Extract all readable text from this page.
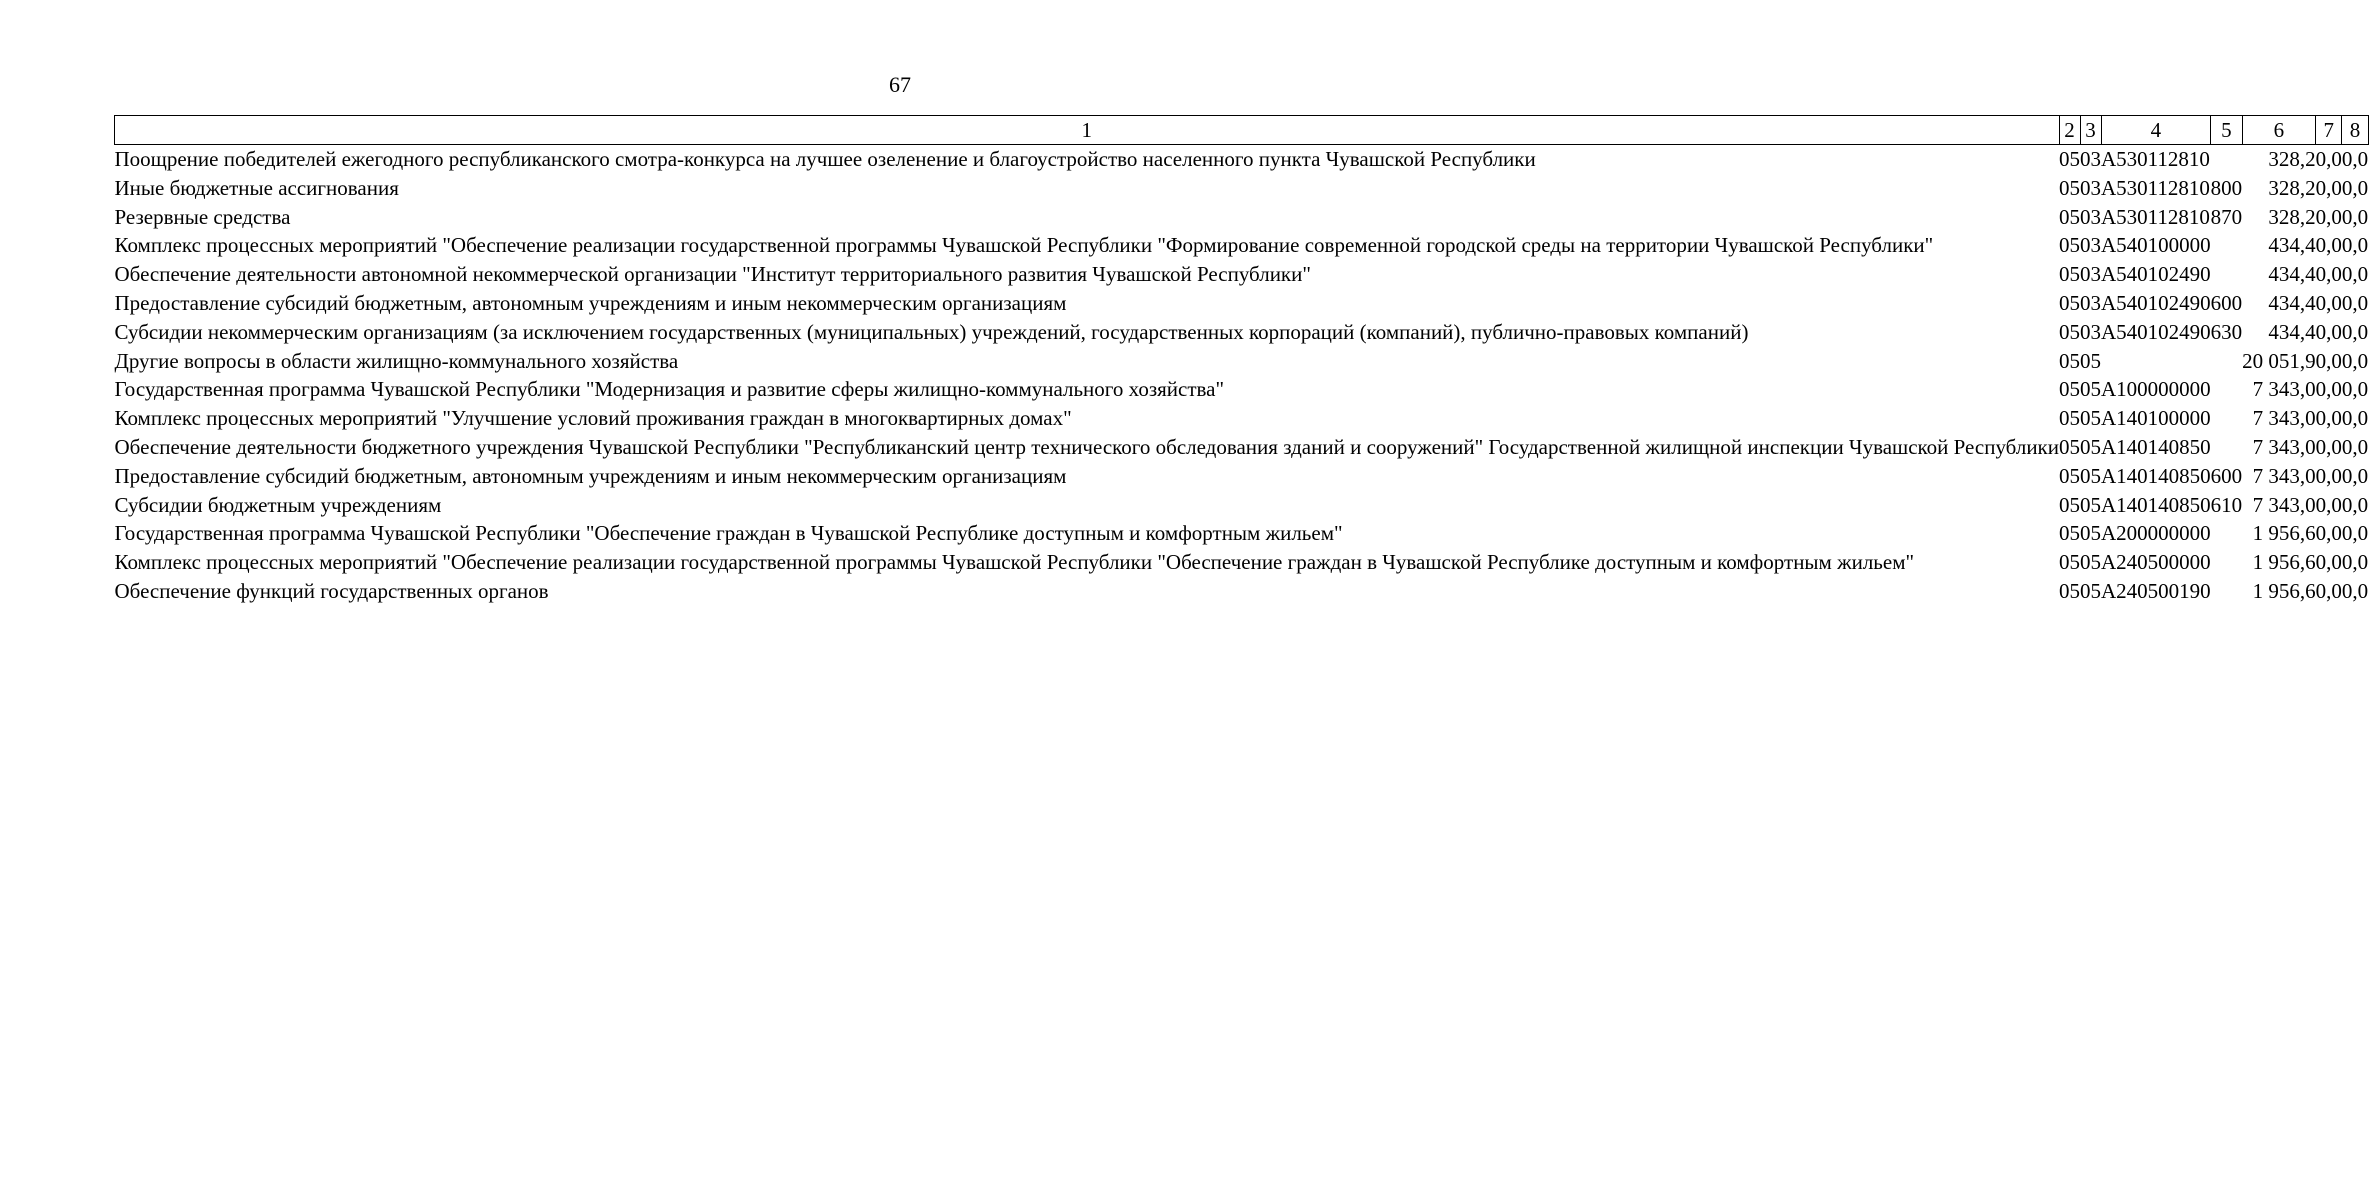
67
1	2	3	4	5	6	7	8
Поощрение победителей ежегодного республиканского смотра-конкурса на лучшее озеленение и благоустройство населенного пункта Чувашской Республики	05	03	А530112810		328,2	0,0	0,0
Иные бюджетные ассигнования	05	03	А530112810	800	328,2	0,0	0,0
Резервные средства	05	03	А530112810	870	328,2	0,0	0,0
Комплекс процессных мероприятий "Обеспечение реализации государственной программы Чувашской Республики "Формирование современной городской среды на территории Чувашской Республики"	05	03	А540100000		434,4	0,0	0,0
Обеспечение деятельности автономной некоммерческой организации "Институт территориального развития Чувашской Республики"	05	03	А540102490		434,4	0,0	0,0
Предоставление субсидий бюджетным, автономным учреждениям и иным некоммерческим организациям	05	03	А540102490	600	434,4	0,0	0,0
Субсидии некоммерческим организациям (за исключением государственных (муниципальных) учреждений, государственных корпораций (компаний), публично-правовых компаний)	05	03	А540102490	630	434,4	0,0	0,0
Другие вопросы в области жилищно-коммунального хозяйства	05	05			20 051,9	0,0	0,0
Государственная программа Чувашской Республики "Модернизация и развитие сферы жилищно-коммунального хозяйства"	05	05	А100000000		7 343,0	0,0	0,0
Комплекс процессных мероприятий "Улучшение условий проживания граждан в многоквартирных домах"	05	05	А140100000		7 343,0	0,0	0,0
Обеспечение деятельности бюджетного учреждения Чувашской Республики "Республиканский центр технического обследования зданий и сооружений" Государственной жилищной инспекции Чувашской Республики	05	05	А140140850		7 343,0	0,0	0,0
Предоставление субсидий бюджетным, автономным учреждениям и иным некоммерческим организациям	05	05	А140140850	600	7 343,0	0,0	0,0
Субсидии бюджетным учреждениям	05	05	А140140850	610	7 343,0	0,0	0,0
Государственная программа Чувашской Республики "Обеспечение граждан в Чувашской Республике доступным и комфортным жильем"	05	05	А200000000		1 956,6	0,0	0,0
Комплекс процессных мероприятий "Обеспечение реализации государственной программы Чувашской Республики "Обеспечение граждан в Чувашской Республике доступным и комфортным жильем"	05	05	А240500000		1 956,6	0,0	0,0
Обеспечение функций государственных органов	05	05	А240500190		1 956,6	0,0	0,0
